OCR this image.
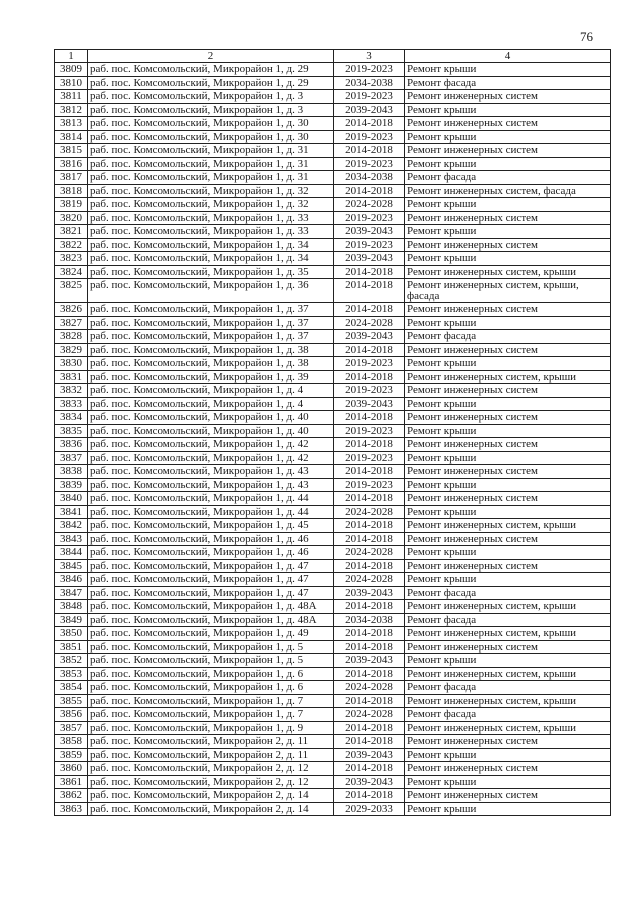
76
1	2	3	4
3809	раб. пос. Комсомольский, Микрорайон 1, д. 29	2019-2023	Ремонт крыши
3810	раб. пос. Комсомольский, Микрорайон 1, д. 29	2034-2038	Ремонт фасада
3811	раб. пос. Комсомольский, Микрорайон 1, д. 3	2019-2023	Ремонт инженерных систем
3812	раб. пос. Комсомольский, Микрорайон 1, д. 3	2039-2043	Ремонт крыши
3813	раб. пос. Комсомольский, Микрорайон 1, д. 30	2014-2018	Ремонт инженерных систем
3814	раб. пос. Комсомольский, Микрорайон 1, д. 30	2019-2023	Ремонт крыши
3815	раб. пос. Комсомольский, Микрорайон 1, д. 31	2014-2018	Ремонт инженерных систем
3816	раб. пос. Комсомольский, Микрорайон 1, д. 31	2019-2023	Ремонт крыши
3817	раб. пос. Комсомольский, Микрорайон 1, д. 31	2034-2038	Ремонт фасада
3818	раб. пос. Комсомольский, Микрорайон 1, д. 32	2014-2018	Ремонт инженерных систем, фасада
3819	раб. пос. Комсомольский, Микрорайон 1, д. 32	2024-2028	Ремонт крыши
3820	раб. пос. Комсомольский, Микрорайон 1, д. 33	2019-2023	Ремонт инженерных систем
3821	раб. пос. Комсомольский, Микрорайон 1, д. 33	2039-2043	Ремонт крыши
3822	раб. пос. Комсомольский, Микрорайон 1, д. 34	2019-2023	Ремонт инженерных систем
3823	раб. пос. Комсомольский, Микрорайон 1, д. 34	2039-2043	Ремонт крыши
3824	раб. пос. Комсомольский, Микрорайон 1, д. 35	2014-2018	Ремонт инженерных систем, крыши
3825	раб. пос. Комсомольский, Микрорайон 1, д. 36	2014-2018	Ремонт инженерных систем, крыши, фасада
3826	раб. пос. Комсомольский, Микрорайон 1, д. 37	2014-2018	Ремонт инженерных систем
3827	раб. пос. Комсомольский, Микрорайон 1, д. 37	2024-2028	Ремонт крыши
3828	раб. пос. Комсомольский, Микрорайон 1, д. 37	2039-2043	Ремонт фасада
3829	раб. пос. Комсомольский, Микрорайон 1, д. 38	2014-2018	Ремонт инженерных систем
3830	раб. пос. Комсомольский, Микрорайон 1, д. 38	2019-2023	Ремонт крыши
3831	раб. пос. Комсомольский, Микрорайон 1, д. 39	2014-2018	Ремонт инженерных систем, крыши
3832	раб. пос. Комсомольский, Микрорайон 1, д. 4	2019-2023	Ремонт инженерных систем
3833	раб. пос. Комсомольский, Микрорайон 1, д. 4	2039-2043	Ремонт крыши
3834	раб. пос. Комсомольский, Микрорайон 1, д. 40	2014-2018	Ремонт инженерных систем
3835	раб. пос. Комсомольский, Микрорайон 1, д. 40	2019-2023	Ремонт крыши
3836	раб. пос. Комсомольский, Микрорайон 1, д. 42	2014-2018	Ремонт инженерных систем
3837	раб. пос. Комсомольский, Микрорайон 1, д. 42	2019-2023	Ремонт крыши
3838	раб. пос. Комсомольский, Микрорайон 1, д. 43	2014-2018	Ремонт инженерных систем
3839	раб. пос. Комсомольский, Микрорайон 1, д. 43	2019-2023	Ремонт крыши
3840	раб. пос. Комсомольский, Микрорайон 1, д. 44	2014-2018	Ремонт инженерных систем
3841	раб. пос. Комсомольский, Микрорайон 1, д. 44	2024-2028	Ремонт крыши
3842	раб. пос. Комсомольский, Микрорайон 1, д. 45	2014-2018	Ремонт инженерных систем, крыши
3843	раб. пос. Комсомольский, Микрорайон 1, д. 46	2014-2018	Ремонт инженерных систем
3844	раб. пос. Комсомольский, Микрорайон 1, д. 46	2024-2028	Ремонт крыши
3845	раб. пос. Комсомольский, Микрорайон 1, д. 47	2014-2018	Ремонт инженерных систем
3846	раб. пос. Комсомольский, Микрорайон 1, д. 47	2024-2028	Ремонт крыши
3847	раб. пос. Комсомольский, Микрорайон 1, д. 47	2039-2043	Ремонт фасада
3848	раб. пос. Комсомольский, Микрорайон 1, д. 48А	2014-2018	Ремонт инженерных систем, крыши
3849	раб. пос. Комсомольский, Микрорайон 1, д. 48А	2034-2038	Ремонт фасада
3850	раб. пос. Комсомольский, Микрорайон 1, д. 49	2014-2018	Ремонт инженерных систем, крыши
3851	раб. пос. Комсомольский, Микрорайон 1, д. 5	2014-2018	Ремонт инженерных систем
3852	раб. пос. Комсомольский, Микрорайон 1, д. 5	2039-2043	Ремонт крыши
3853	раб. пос. Комсомольский, Микрорайон 1, д. 6	2014-2018	Ремонт инженерных систем, крыши
3854	раб. пос. Комсомольский, Микрорайон 1, д. 6	2024-2028	Ремонт фасада
3855	раб. пос. Комсомольский, Микрорайон 1, д. 7	2014-2018	Ремонт инженерных систем, крыши
3856	раб. пос. Комсомольский, Микрорайон 1, д. 7	2024-2028	Ремонт фасада
3857	раб. пос. Комсомольский, Микрорайон 1, д. 9	2014-2018	Ремонт инженерных систем, крыши
3858	раб. пос. Комсомольский, Микрорайон 2, д. 11	2014-2018	Ремонт инженерных систем
3859	раб. пос. Комсомольский, Микрорайон 2, д. 11	2039-2043	Ремонт крыши
3860	раб. пос. Комсомольский, Микрорайон 2, д. 12	2014-2018	Ремонт инженерных систем
3861	раб. пос. Комсомольский, Микрорайон 2, д. 12	2039-2043	Ремонт крыши
3862	раб. пос. Комсомольский, Микрорайон 2, д. 14	2014-2018	Ремонт инженерных систем
3863	раб. пос. Комсомольский, Микрорайон 2, д. 14	2029-2033	Ремонт крыши
